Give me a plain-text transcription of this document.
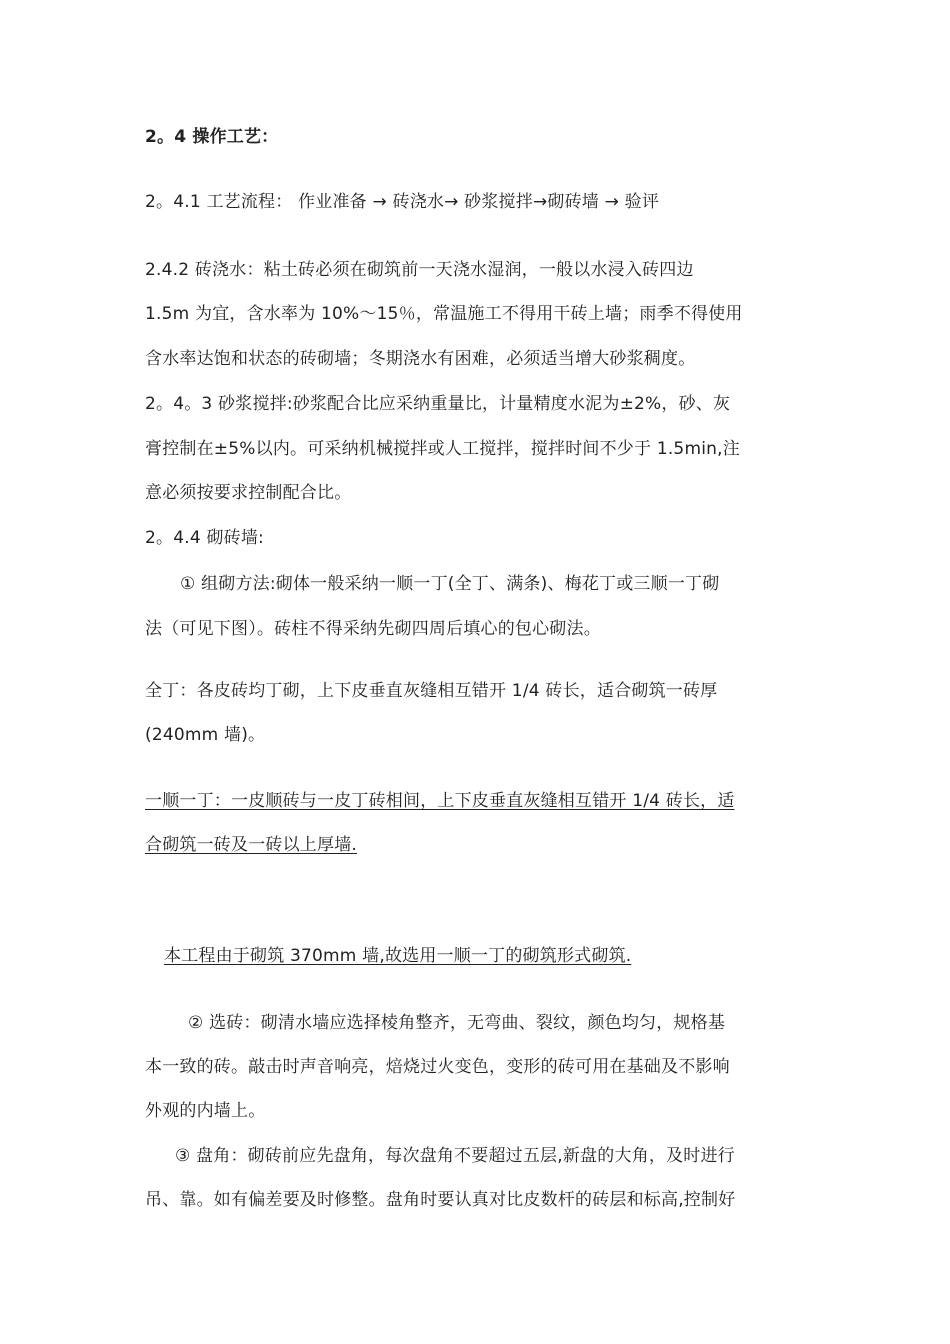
2。4 操作工艺：
2。4.1 工艺流程： 作业准备 → 砖浇水→ 砂浆搅拌→砌砖墙 → 验评
2.4.2 砖浇水：粘土砖必须在砌筑前一天浇水湿润，一般以水浸入砖四边
1.5m 为宜，含水率为 10%～15％，常温施工不得用干砖上墙；雨季不得使用
含水率达饱和状态的砖砌墙；冬期浇水有困难，必须适当增大砂浆稠度。
2。4。3 砂浆搅拌:砂浆配合比应采纳重量比，计量精度水泥为±2%，砂、灰
膏控制在±5%以内。可采纳机械搅拌或人工搅拌，搅拌时间不少于 1.5min,注
意必须按要求控制配合比。
2。4.4 砌砖墙:
① 组砌方法:砌体一般采纳一顺一丁(全丁、满条)、梅花丁或三顺一丁砌
法（可见下图）。砖柱不得采纳先砌四周后填心的包心砌法。
全丁：各皮砖均丁砌，上下皮垂直灰缝相互错开 1/4 砖长，适合砌筑一砖厚
(240mm 墙)。
一顺一丁：一皮顺砖与一皮丁砖相间，上下皮垂直灰缝相互错开 1/4 砖长，适
合砌筑一砖及一砖以上厚墙.
本工程由于砌筑 370mm 墙,故选用一顺一丁的砌筑形式砌筑.
② 选砖：砌清水墙应选择棱角整齐，无弯曲、裂纹，颜色均匀，规格基
本一致的砖。敲击时声音响亮，焙烧过火变色，变形的砖可用在基础及不影响
外观的内墙上。
③ 盘角：砌砖前应先盘角，每次盘角不要超过五层,新盘的大角，及时进行
吊、靠。如有偏差要及时修整。盘角时要认真对比皮数杆的砖层和标高,控制好
